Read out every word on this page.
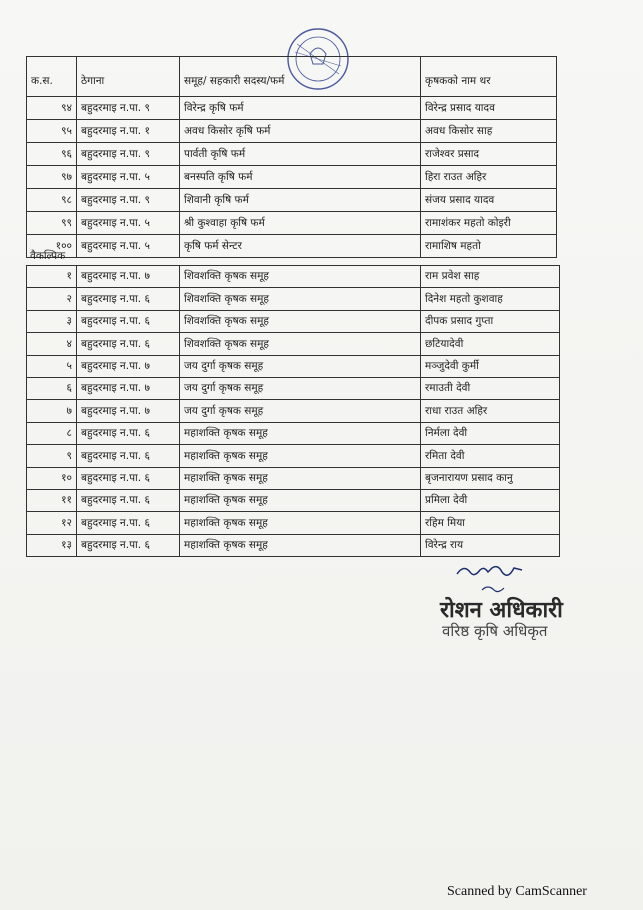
क.स.	ठेगाना	समूह/ सहकारी सदस्य/फर्म	कृषकको नाम थर
९४	बहुदरमाइ न.पा. ९	विरेन्द्र कृषि फर्म	विरेन्द्र प्रसाद यादव
९५	बहुदरमाइ न.पा. १	अवध किसोर कृषि फर्म	अवध किसोर साह
९६	बहुदरमाइ न.पा. ९	पार्वती कृषि फर्म	राजेश्वर प्रसाद
९७	बहुदरमाइ न.पा. ५	बनस्पति कृषि फर्म	हिरा राउत अहिर
९८	बहुदरमाइ न.पा. ९	शिवानी कृषि फर्म	संजय प्रसाद यादव
९९	बहुदरमाइ न.पा. ५	श्री कुश्वाहा कृषि फर्म	रामाशंकर महतो कोइरी
१००	बहुदरमाइ न.पा. ५	कृषि फर्म सेन्टर	रामाशिष महतो
वैकल्पिक
१	बहुदरमाइ न.पा. ७	शिवशक्ति कृषक समूह	राम प्रवेश साह
२	बहुदरमाइ न.पा. ६	शिवशक्ति कृषक समूह	दिनेश महतो कुशवाह
३	बहुदरमाइ न.पा. ६	शिवशक्ति कृषक समूह	दीपक प्रसाद गुप्ता
४	बहुदरमाइ न.पा. ६	शिवशक्ति कृषक समूह	छटियादेवी
५	बहुदरमाइ न.पा. ७	जय दुर्गा कृषक समूह	मञ्जुदेवी कुर्मी
६	बहुदरमाइ न.पा. ७	जय दुर्गा कृषक समूह	रमाउती देवी
७	बहुदरमाइ न.पा. ७	जय दुर्गा कृषक समूह	राधा राउत अहिर
८	बहुदरमाइ न.पा. ६	महाशक्ति कृषक समूह	निर्मला देवी
९	बहुदरमाइ न.पा. ६	महाशक्ति कृषक समूह	रमिता देवी
१०	बहुदरमाइ न.पा. ६	महाशक्ति कृषक समूह	बृजनारायण प्रसाद कानु
११	बहुदरमाइ न.पा. ६	महाशक्ति कृषक समूह	प्रमिला देवी
१२	बहुदरमाइ न.पा. ६	महाशक्ति कृषक समूह	रहिम मिया
१३	बहुदरमाइ न.पा. ६	महाशक्ति कृषक समूह	विरेन्द्र राय
रोशन अधिकारी
वरिष्ठ कृषि अधिकृत
Scanned by CamScanner
